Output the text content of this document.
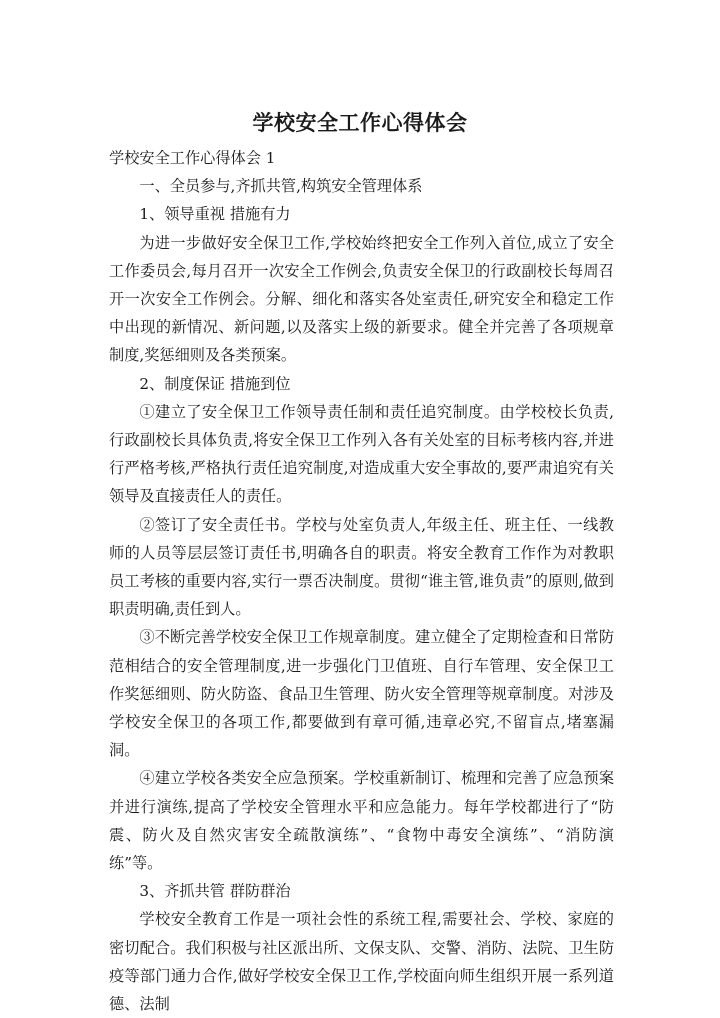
学校安全工作心得体会

学校安全工作心得体会 1

一、全员参与,齐抓共管,构筑安全管理体系

1、领导重视 措施有力

为进一步做好安全保卫工作,学校始终把安全工作列入首位,成立了安全工作委员会,每月召开一次安全工作例会,负责安全保卫的行政副校长每周召开一次安全工作例会。分解、细化和落实各处室责任,研究安全和稳定工作中出现的新情况、新问题,以及落实上级的新要求。健全并完善了各项规章制度,奖惩细则及各类预案。

2、制度保证 措施到位

①建立了安全保卫工作领导责任制和责任追究制度。由学校校长负责,行政副校长具体负责,将安全保卫工作列入各有关处室的目标考核内容,并进行严格考核,严格执行责任追究制度,对造成重大安全事故的,要严肃追究有关领导及直接责任人的责任。

②签订了安全责任书。学校与处室负责人,年级主任、班主任、一线教师的人员等层层签订责任书,明确各自的职责。将安全教育工作作为对教职员工考核的重要内容,实行一票否决制度。贯彻“谁主管,谁负责”的原则,做到职责明确,责任到人。

③不断完善学校安全保卫工作规章制度。建立健全了定期检查和日常防范相结合的安全管理制度,进一步强化门卫值班、自行车管理、安全保卫工作奖惩细则、防火防盗、食品卫生管理、防火安全管理等规章制度。对涉及学校安全保卫的各项工作,都要做到有章可循,违章必究,不留盲点,堵塞漏洞。

④建立学校各类安全应急预案。学校重新制订、梳理和完善了应急预案并进行演练,提高了学校安全管理水平和应急能力。每年学校都进行了“防震、防火及自然灾害安全疏散演练”、“食物中毒安全演练”、“消防演练”等。

3、齐抓共管 群防群治

学校安全教育工作是一项社会性的系统工程,需要社会、学校、家庭的密切配合。我们积极与社区派出所、文保支队、交警、消防、法院、卫生防疫等部门通力合作,做好学校安全保卫工作,学校面向师生组织开展一系列道德、法制
